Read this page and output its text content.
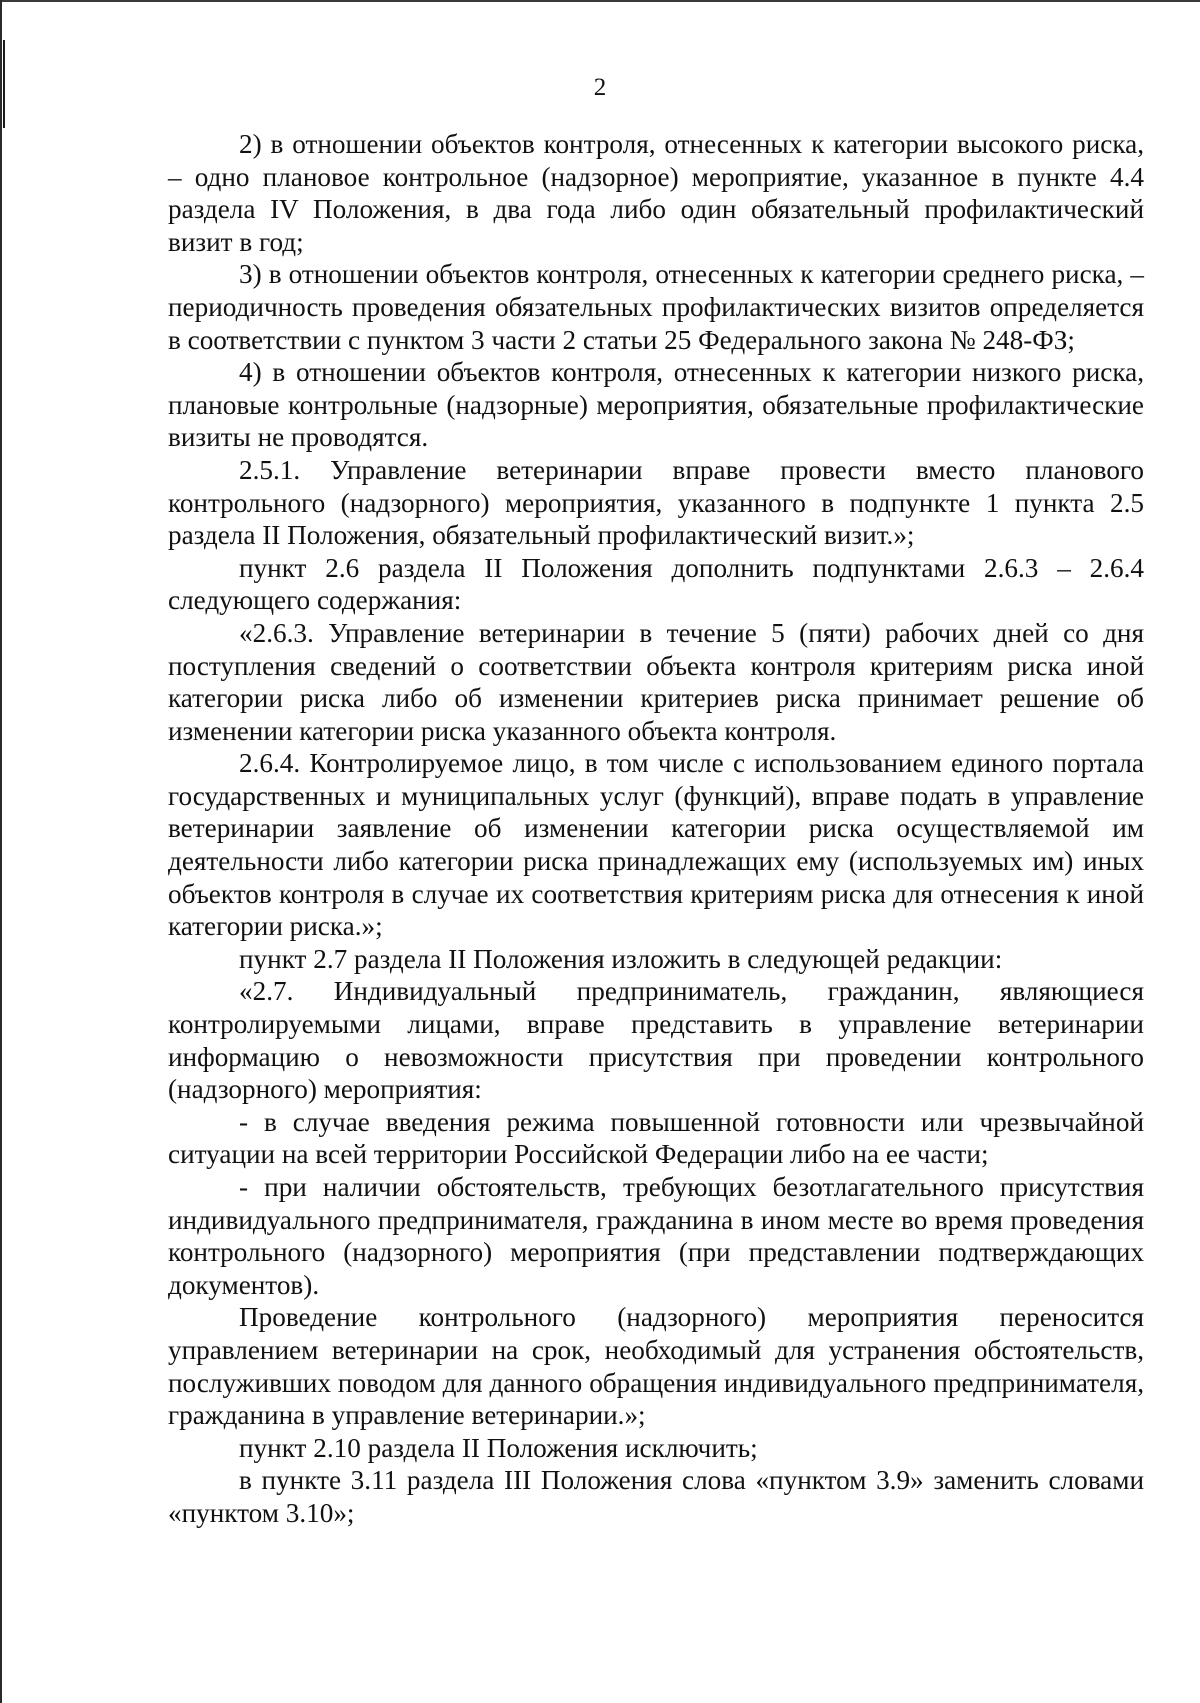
2

2) в отношении объектов контроля, отнесенных к категории высокого риска, – одно плановое контрольное (надзорное) мероприятие, указанное в пункте 4.4 раздела IV Положения, в два года либо один обязательный профилактический визит в год;

3) в отношении объектов контроля, отнесенных к категории среднего риска, – периодичность проведения обязательных профилактических визитов определяется в соответствии с пунктом 3 части 2 статьи 25 Федерального закона № 248-ФЗ;

4) в отношении объектов контроля, отнесенных к категории низкого риска, плановые контрольные (надзорные) мероприятия, обязательные профилактические визиты не проводятся.

2.5.1. Управление ветеринарии вправе провести вместо планового контрольного (надзорного) мероприятия, указанного в подпункте 1 пункта 2.5 раздела II Положения, обязательный профилактический визит.»;

пункт 2.6 раздела II Положения дополнить подпунктами 2.6.3 – 2.6.4 следующего содержания:

«2.6.3. Управление ветеринарии в течение 5 (пяти) рабочих дней со дня поступления сведений о соответствии объекта контроля критериям риска иной категории риска либо об изменении критериев риска принимает решение об изменении категории риска указанного объекта контроля.

2.6.4. Контролируемое лицо, в том числе с использованием единого портала государственных и муниципальных услуг (функций), вправе подать в управление ветеринарии заявление об изменении категории риска осуществляемой им деятельности либо категории риска принадлежащих ему (используемых им) иных объектов контроля в случае их соответствия критериям риска для отнесения к иной категории риска.»;

пункт 2.7 раздела II Положения изложить в следующей редакции:

«2.7. Индивидуальный предприниматель, гражданин, являющиеся контролируемыми лицами, вправе представить в управление ветеринарии информацию о невозможности присутствия при проведении контрольного (надзорного) мероприятия:

- в случае введения режима повышенной готовности или чрезвычайной ситуации на всей территории Российской Федерации либо на ее части;

- при наличии обстоятельств, требующих безотлагательного присутствия индивидуального предпринимателя, гражданина в ином месте во время проведения контрольного (надзорного) мероприятия (при представлении подтверждающих документов).

Проведение контрольного (надзорного) мероприятия переносится управлением ветеринарии на срок, необходимый для устранения обстоятельств, послуживших поводом для данного обращения индивидуального предпринимателя, гражданина в управление ветеринарии.»;

пункт 2.10 раздела II Положения исключить;

в пункте 3.11 раздела III Положения слова «пунктом 3.9» заменить словами «пунктом 3.10»;
